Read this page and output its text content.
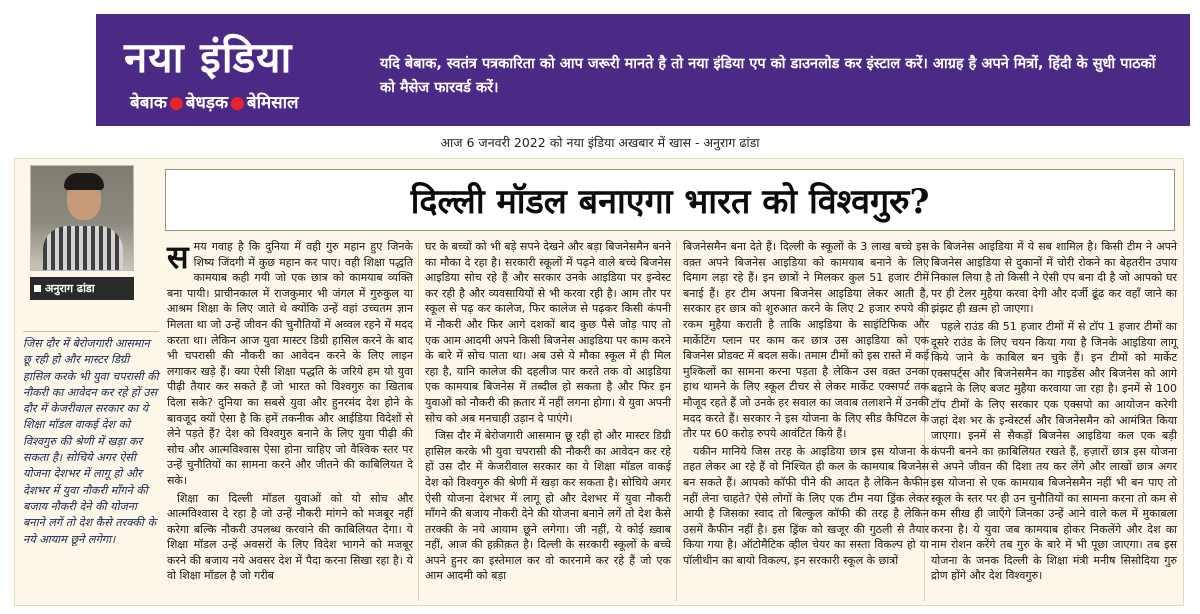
नया इंडिया
बेबाक ● बेधड़क ● बेमिसाल
यदि बेबाक, स्वतंत्र पत्रकारिता को आप जरूरी मानते है तो नया इंडिया एप को डाउनलोड कर इंस्टाल करें। आग्रह है अपने मित्रों, हिंदी के सुधी पाठकों को मैसेज फारवर्ड करें।
आज 6 जनवरी 2022 को नया इंडिया अखबार में खास - अनुराग ढांडा
अनुराग ढांडा
जिस दौर में बेरोजगारी आसमान छू रही हो और मास्टर डिग्री हासिल करके भी युवा चपरासी की नौकरी का आवेदन कर रहे हों उस दौर में केजरीवाल सरकार का ये शिक्षा मॉडल वाकई देश को विश्वगुरु की श्रेणी में खड़ा कर सकता है। सोचिये अगर ऐसी योजना देशभर में लागू हो और देशभर में युवा नौकरी माँगने की बजाय नौकरी देने की योजना बनाने लगें तो देश कैसे तरक्की के नये आयाम छूने लगेगा।
दिल्ली मॉडल बनाएगा भारत को विश्वगुरु?

समय गवाह है कि दुनिया में वही गुरु महान हुए जिनके शिष्य जिंदगी में कुछ महान कर पाए। वही शिक्षा पद्धति कामयाब कही गयी जो एक छात्र को कामयाब व्यक्ति बना पायी। प्राचीनकाल में राजकुमार भी जंगल में गुरुकुल या आश्रम शिक्षा के लिए जाते थे क्योंकि उन्हें वहां उच्चतम ज्ञान मिलता था जो उन्हें जीवन की चुनौतियों में अव्वल रहने में मदद करता था। लेकिन आज युवा मास्टर डिग्री हासिल करने के बाद भी चपरासी की नौकरी का आवेदन करने के लिए लाइन लगाकर खड़े हैं। क्या ऐसी शिक्षा पद्धति के जरिये हम यो युवा पीढ़ी तैयार कर सकते हैं जो भारत को विश्वगुरु का खिताब दिला सके? दुनिया का सबसे युवा और हुनरमंद देश होने के बावजूद क्यों ऐसा है कि हमें तकनीक और आईडिया विदेशों से लेने पड़ते हैं? देश को विश्वगुरु बनाने के लिए युवा पीढ़ी की सोच और आत्मविश्वास ऐसा होना चाहिए जो वैश्विक स्तर पर उन्हें चुनौतियों का सामना करने और जीतने की काबिलियत दे सके।

शिक्षा का दिल्ली मॉडल युवाओं को यो सोच और आत्मविश्वास दे रहा है जो उन्हें नौकरी मांगने को मजबूर नहीं करेगा बल्कि नौकरी उपलब्ध करवाने की काबिलियत देगा। ये शिक्षा मॉडल उन्हें अवसरों के लिए विदेश भागने को मजबूर करने की बजाय नये अवसर देश में पैदा करना सिखा रहा है। ये वो शिक्षा मॉडल है जो गरीब

घर के बच्चों को भी बड़े सपने देखने और बड़ा बिजनेसमैन बनने का मौका दे रहा है। सरकारी स्कूलों में पढ़ने वाले बच्चे बिजनेस आइडिया सोच रहे हैं और सरकार उनके आइडिया पर इन्वेस्ट कर रही है और व्यवसायियों से भी करवा रही है। आम तौर पर स्कूल से पढ़ कर कालेज, फिर कालेज से पढ़कर किसी कंपनी में नौकरी और फिर आगे दशकों बाद कुछ पैसे जोड़ पाए तो एक आम आदमी अपने किसी बिजनेस आइडिया पर काम करने के बारे में सोच पाता था। अब उसे ये मौका स्कूल में ही मिल रहा है, यानि कालेज की दहलीज पार करते तक वो आइडिया एक कामयाब बिजनेस में तब्दील हो सकता है और फिर इन युवाओं को नौकरी की क़तार में नहीं लगना होगा। ये युवा अपनी सोच को अब मनचाही उड़ान दे पाएंगे।

जिस दौर में बेरोजगारी आसमान छू रही हो और मास्टर डिग्री हासिल करके भी युवा चपरासी की नौकरी का आवेदन कर रहे हों उस दौर में केजरीवाल सरकार का ये शिक्षा मॉडल वाकई देश को विश्वगुरु की श्रेणी में खड़ा कर सकता है। सोचिये अगर ऐसी योजना देशभर में लागू हो और देशभर में युवा नौकरी माँगने की बजाय नौकरी देने की योजना बनाने लगें तो देश कैसे तरक्की के नये आयाम छूने लगेगा। जी नहीं, ये कोई ख़्वाब नहीं, आज की हक़ीक़त है। दिल्ली के सरकारी स्कूलों के बच्चे अपने हुनर का इस्तेमाल कर वो कारनामे कर रहे हैं जो एक आम आदमी को बड़ा

बिजनेसमैन बना देते हैं। दिल्ली के स्कूलों के 3 लाख बच्चे इस वक़्त अपने बिजनेस आइडिया को कामयाब बनाने के लिए दिमाग लड़ा रहे हैं। इन छात्रों ने मिलकर कुल 51 हजार टीमें बनाई हैं। हर टीम अपना बिजनेस आइडिया लेकर आती है, सरकार हर छात्र को शुरुआत करने के लिए 2 हजार रुपये की रकम मुहैया कराती है ताकि आइडिया के साइंटिफिक और मार्केटिंग प्लान पर काम कर छात्र उस आइडिया को एक बिजनेस प्रोडक्ट में बदल सकें। तमाम टीमों को इस रास्ते में कई मुश्किलों का सामना करना पड़ता है लेकिन उस वक़्त उनका हाथ थामने के लिए स्कूल टीचर से लेकर मार्केट एक्सपर्ट तक मौजूद रहते हैं जो उनके हर सवाल का जवाब तलाशने में उनकी मदद करते हैं। सरकार ने इस योजना के लिए सीड कैपिटल के तौर पर 60 करोड़ रुपये आवंटित किये हैं।

यकीन मानिये जिस तरह के आइडिया छात्र इस योजना के तहत लेकर आ रहे हैं वो निश्चित ही कल के कामयाब बिजनेस बन सकते हैं। आपको कॉफी पीने की आदत है लेकिन कैफीन नहीं लेना चाहते? ऐसे लोगों के लिए एक टीम नया ड्रिंक लेकर आयी है जिसका स्वाद तो बिल्कुल कॉफी की तरह है लेकिन उसमें कैफीन नहीं है। इस ड्रिंक को खजूर की गुठली से तैयार किया गया है। ऑटोमैटिक व्हील चेयर का सस्ता विकल्प हो या पॉलीथीन का बायो विकल्प, इन सरकारी स्कूल के छात्रों

के बिजनेस आइडिया में ये सब शामिल है। किसी टीम ने अपने बिजनेस आइडिया से दुकानों में चोरी रोकने का बेहतरीन उपाय निकाल लिया है तो किसी ने ऐसी एप बना दी है जो आपको घर पर ही टेलर मुहैया करवा देगी और दर्जी ढूंढ कर वहाँ जाने का झंझट ही ख़त्म हो जाएगा।

पहले राउंड की 51 हजार टीमों में से टॉप 1 हजार टीमों का दूसरे राउंड के लिए चयन किया गया है जिनके आइडिया लागू किये जाने के काबिल बन चुके हैं। इन टीमों को मार्केट एक्सपर्ट्स और बिजनेसमैन का गाइडेंस और बिजनेस को आगे बढ़ाने के लिए बजट मुहैया करवाया जा रहा है। इनमें से 100 टॉप टीमों के लिए सरकार एक एक्सपो का आयोजन करेगी जहां देश भर के इन्वेस्टर्स और बिजनेसमैन को आमंत्रित किया जाएगा। इनमें से सैकड़ों बिजनेस आइडिया कल एक बड़ी कंपनी बनने का क़ाबिलियत रखते हैं, हज़ारों छात्र इस योजना से अपने जीवन की दिशा तय कर लेंगे और लाखों छात्र अगर इस योजना से एक कामयाब बिजनेसमैन नहीं भी बन पाए तो स्कूल के स्तर पर ही उन चुनौतियों का सामना करना तो कम से कम सीख ही जाएँगे जिनका उन्हें आने वाले कल में मुकाबला करना है। ये युवा जब कामयाब होकर निकलेंगे और देश का नाम रोशन करेंगे तब गुरु के बारे में भी पूछा जाएगा। तब इस योजना के जनक दिल्ली के शिक्षा मंत्री मनीष सिसोदिया गुरु द्रोण होंगे और देश विश्वगुरु।
